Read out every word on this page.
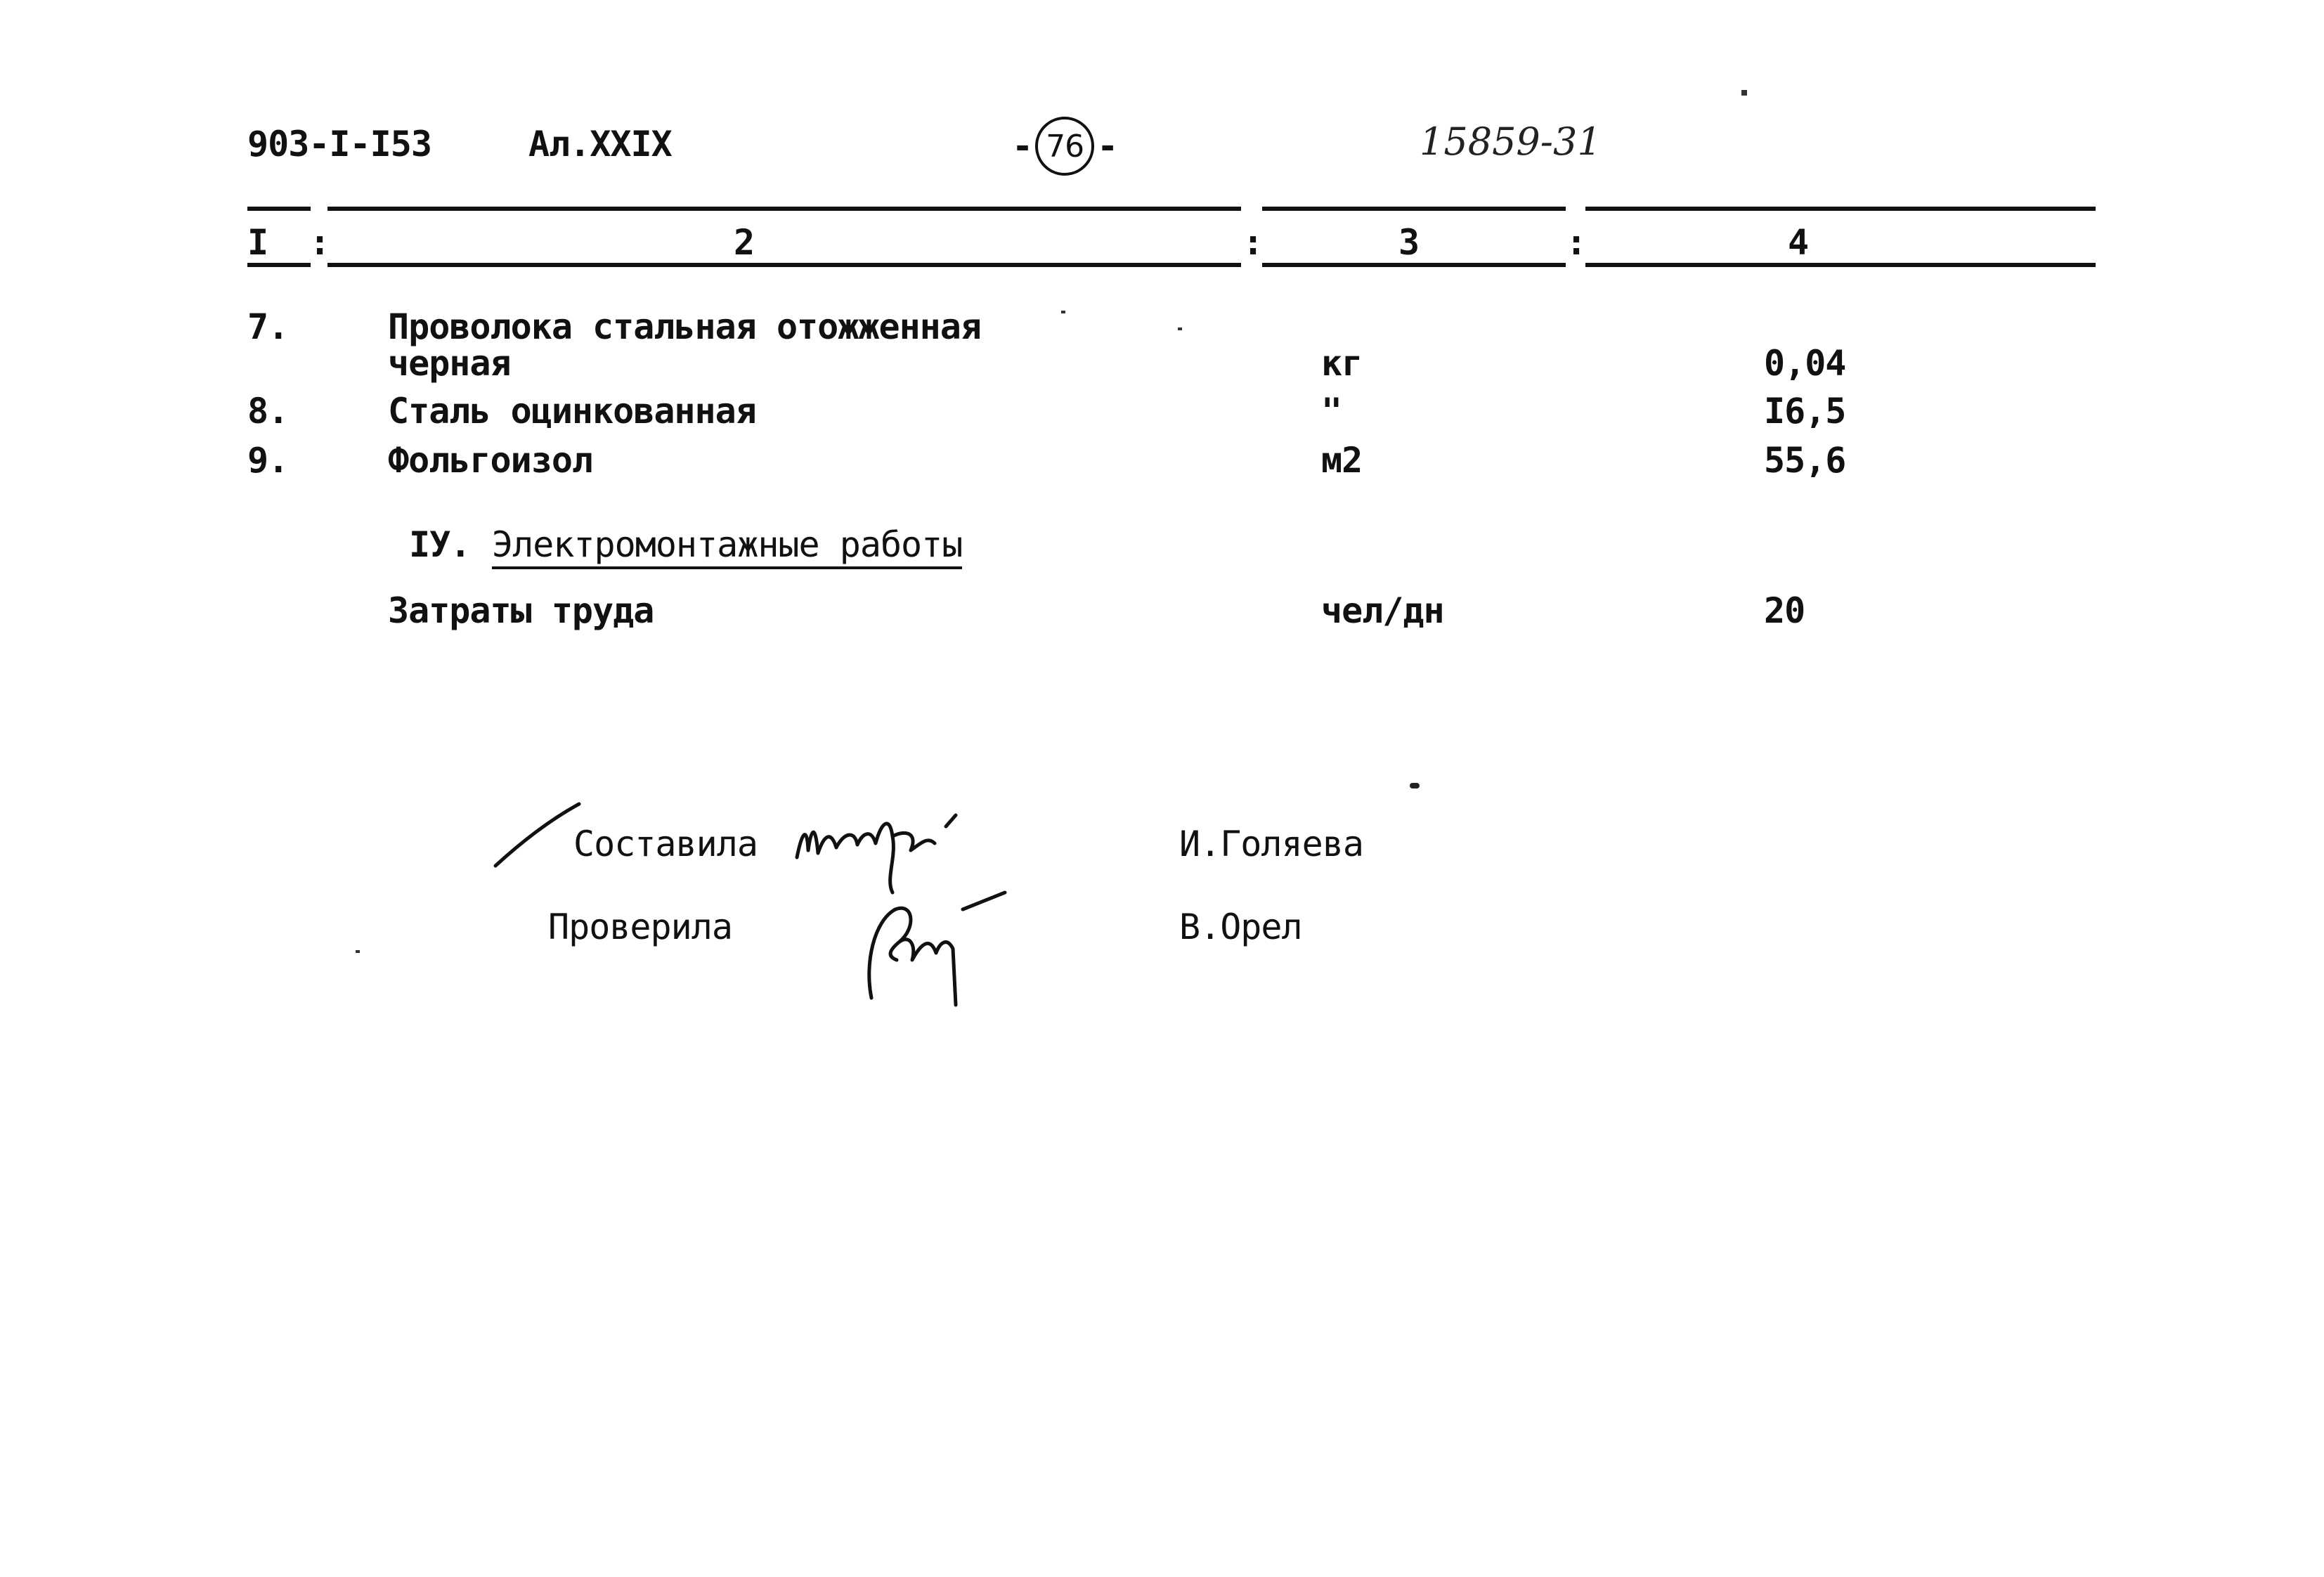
903-I-I53	Ал.XXIX	- 76 -	15859-31
I :	2	:	3	:	4
7.	Проволока стальная отожженная
черная	кг	0,04
8.	Сталь оцинкованная	"	I6,5
9.	Фольгоизол	м2	55,6
IУ. Электромонтажные работы
Затраты труда	чел/дн	20
Составила	И.Голяева
Проверила	В.Орел
